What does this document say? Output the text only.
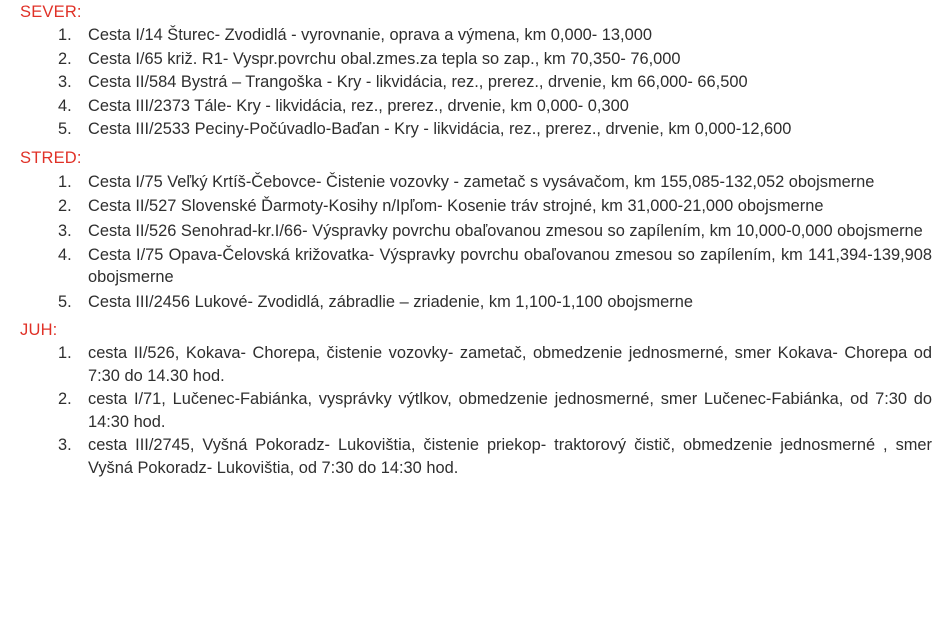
SEVER:
1. Cesta I/14 Šturec- Zvodidlá - vyrovnanie, oprava a výmena, km 0,000- 13,000
2. Cesta I/65 križ. R1- Vyspr.povrchu obal.zmes.za tepla so zap., km 70,350- 76,000
3. Cesta II/584 Bystrá – Trangoška - Kry - likvidácia, rez., prerez., drvenie, km 66,000- 66,500
4. Cesta III/2373 Tále- Kry - likvidácia, rez., prerez., drvenie, km 0,000- 0,300
5. Cesta III/2533 Peciny-Počúvadlo-Baďan - Kry - likvidácia, rez., prerez., drvenie, km 0,000-12,600
STRED:
1. Cesta I/75 Veľký Krtíš-Čebovce- Čistenie vozovky - zametač s vysávačom, km 155,085-132,052 obojsmerne
2. Cesta II/527 Slovenské Ďarmoty-Kosihy n/Ipľom- Kosenie tráv strojné, km 31,000-21,000 obojsmerne
3. Cesta II/526 Senohrad-kr.I/66- Výspravky povrchu obaľovanou zmesou so zapílením, km 10,000-0,000 obojsmerne
4. Cesta I/75 Opava-Čelovská križovatka- Výspravky povrchu obaľovanou zmesou so zapílením, km 141,394-139,908 obojsmerne
5. Cesta III/2456 Lukové- Zvodidlá, zábradlie – zriadenie, km 1,100-1,100 obojsmerne
JUH:
1. cesta II/526, Kokava- Chorepa, čistenie vozovky- zametač, obmedzenie jednosmerné, smer Kokava- Chorepa od 7:30 do 14.30 hod.
2. cesta I/71, Lučenec-Fabiánka, vysprávky výtlkov, obmedzenie jednosmerné, smer Lučenec-Fabiánka, od 7:30 do 14:30 hod.
3. cesta III/2745, Vyšná Pokoradz- Lukovištia, čistenie priekop- traktorový čistič, obmedzenie jednosmerné , smer Vyšná Pokoradz- Lukovištia, od 7:30 do 14:30 hod.
